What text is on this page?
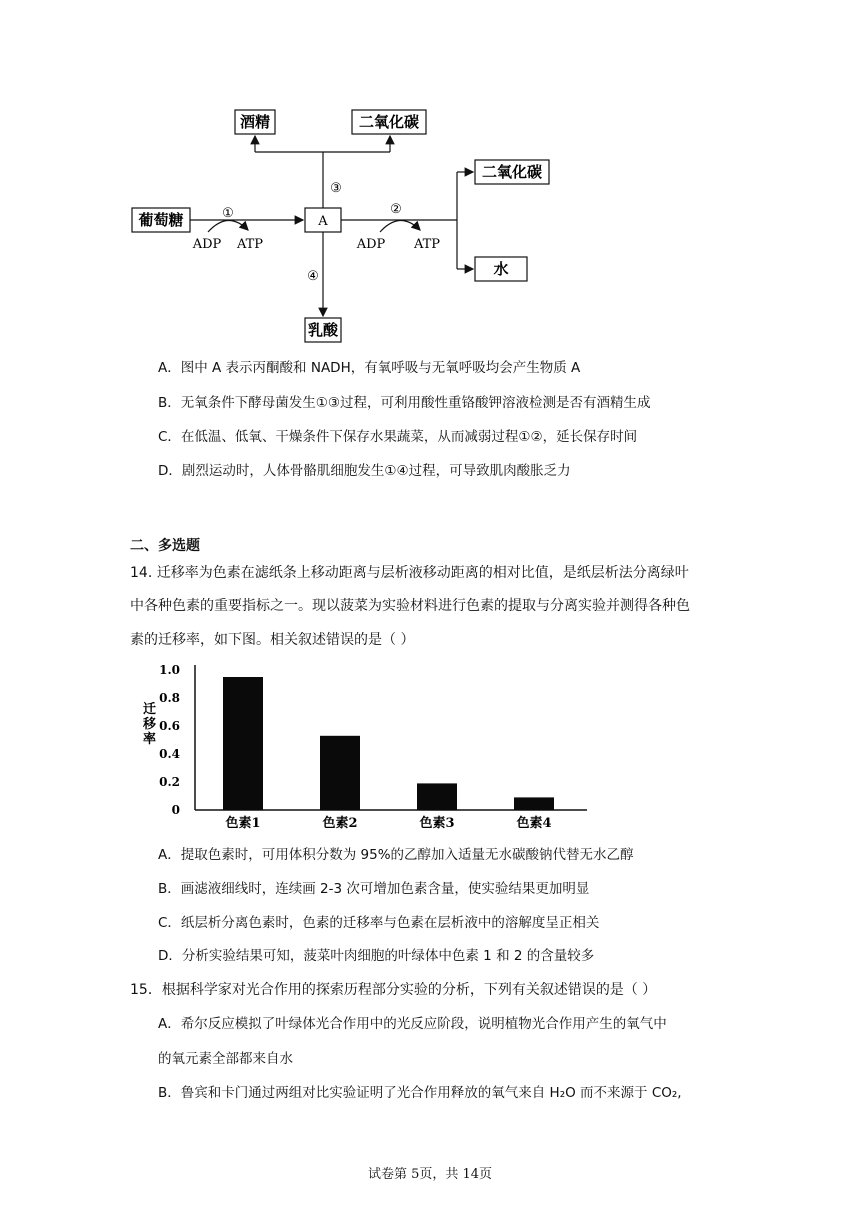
酒精	二氧化碳
葡萄糖	A
二氧化碳
水
乳酸
①	②
③
④
ADP ATP	ADP ATP
A．图中 A 表示丙酮酸和 NADH，有氧呼吸与无氧呼吸均会产生物质 A
B．无氧条件下酵母菌发生①③过程，可利用酸性重铬酸钾溶液检测是否有酒精生成
C．在低温、低氧、干燥条件下保存水果蔬菜，从而减弱过程①②，延长保存时间
D．剧烈运动时，人体骨骼肌细胞发生①④过程，可导致肌肉酸胀乏力
二、多选题
14. 迁移率为色素在滤纸条上移动距离与层析液移动距离的相对比值，是纸层析法分离绿叶
中各种色素的重要指标之一。现以菠菜为实验材料进行色素的提取与分离实验并测得各种色
素的迁移率，如下图。相关叙述错误的是（ ）
0
0.2
0.4
0.6
0.8
1.0
色素1	色素2	色素3	色素4
迁移率
A．提取色素时，可用体积分数为 95%的乙醇加入适量无水碳酸钠代替无水乙醇
B．画滤液细线时，连续画 2-3 次可增加色素含量，使实验结果更加明显
C．纸层析分离色素时，色素的迁移率与色素在层析液中的溶解度呈正相关
D．分析实验结果可知，菠菜叶肉细胞的叶绿体中色素 1 和 2 的含量较多
15．根据科学家对光合作用的探索历程部分实验的分析，下列有关叙述错误的是（ ）
A．希尔反应模拟了叶绿体光合作用中的光反应阶段，说明植物光合作用产生的氧气中
的氧元素全部都来自水
B．鲁宾和卡门通过两组对比实验证明了光合作用释放的氧气来自 H₂O 而不来源于 CO₂,
试卷第 5页，共 14页
